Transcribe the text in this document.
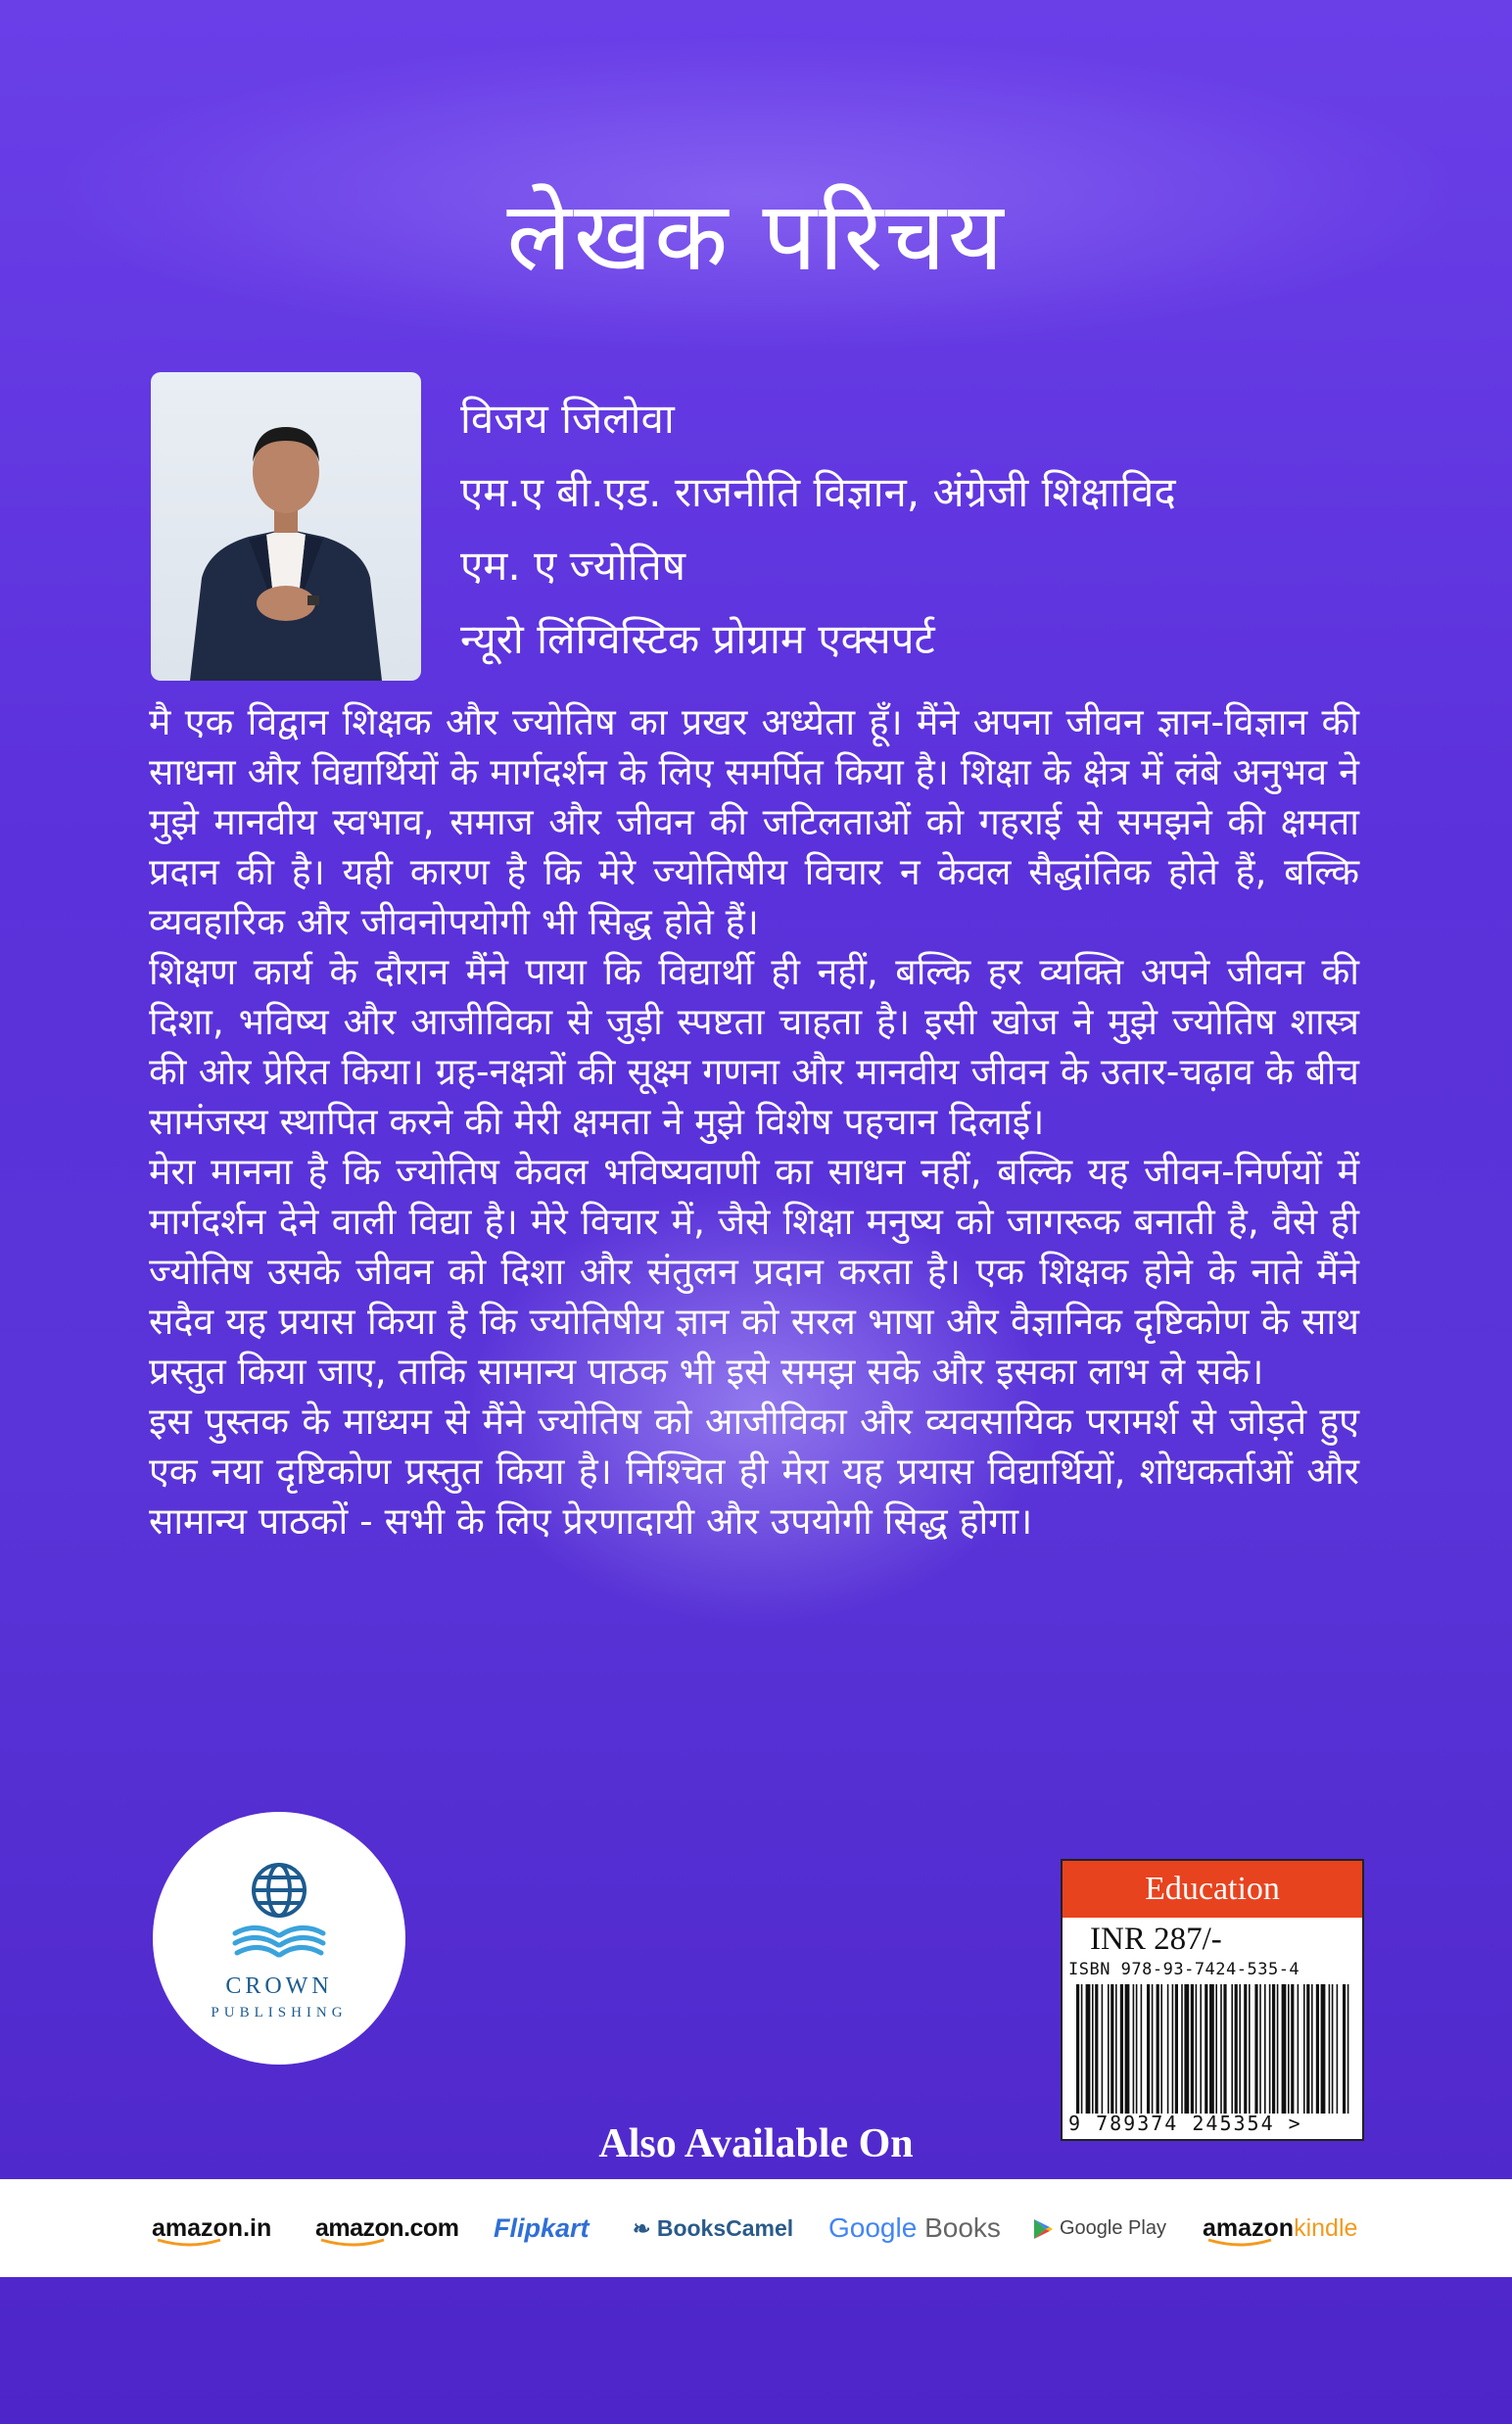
लेखक परिचय
विजय जिलोवा
एम.ए बी.एड. राजनीति विज्ञान, अंग्रेजी शिक्षाविद
एम. ए ज्योतिष
न्यूरो लिंग्विस्टिक प्रोग्राम एक्सपर्ट

मै एक विद्वान शिक्षक और ज्योतिष का प्रखर अध्येता हूँ। मैंने अपना जीवन ज्ञान-विज्ञान की साधना और विद्यार्थियों के मार्गदर्शन के लिए समर्पित किया है। शिक्षा के क्षेत्र में लंबे अनुभव ने मुझे मानवीय स्वभाव, समाज और जीवन की जटिलताओं को गहराई से समझने की क्षमता प्रदान की है। यही कारण है कि मेरे ज्योतिषीय विचार न केवल सैद्धांतिक होते हैं, बल्कि व्यवहारिक और जीवनोपयोगी भी सिद्ध होते हैं।

शिक्षण कार्य के दौरान मैंने पाया कि विद्यार्थी ही नहीं, बल्कि हर व्यक्ति अपने जीवन की दिशा, भविष्य और आजीविका से जुड़ी स्पष्टता चाहता है। इसी खोज ने मुझे ज्योतिष शास्त्र की ओर प्रेरित किया। ग्रह-नक्षत्रों की सूक्ष्म गणना और मानवीय जीवन के उतार-चढ़ाव के बीच सामंजस्य स्थापित करने की मेरी क्षमता ने मुझे विशेष पहचान दिलाई।

मेरा मानना है कि ज्योतिष केवल भविष्यवाणी का साधन नहीं, बल्कि यह जीवन-निर्णयों में मार्गदर्शन देने वाली विद्या है। मेरे विचार में, जैसे शिक्षा मनुष्य को जागरूक बनाती है, वैसे ही ज्योतिष उसके जीवन को दिशा और संतुलन प्रदान करता है। एक शिक्षक होने के नाते मैंने सदैव यह प्रयास किया है कि ज्योतिषीय ज्ञान को सरल भाषा और वैज्ञानिक दृष्टिकोण के साथ प्रस्तुत किया जाए, ताकि सामान्य पाठक भी इसे समझ सके और इसका लाभ ले सके।

इस पुस्तक के माध्यम से मैंने ज्योतिष को आजीविका और व्यवसायिक परामर्श से जोड़ते हुए एक नया दृष्टिकोण प्रस्तुत किया है। निश्चित ही मेरा यह प्रयास विद्यार्थियों, शोधकर्ताओं और सामान्य पाठकों - सभी के लिए प्रेरणादायी और उपयोगी सिद्ध होगा।

CROWN
PUBLISHING
Education
INR 287/-
ISBN 978-93-7424-535-4
9 789374 245354 >
Also Available On
amazon.in amazon.com Flipkart ❧ BooksCamel Google Books	Google Play amazonkindle
